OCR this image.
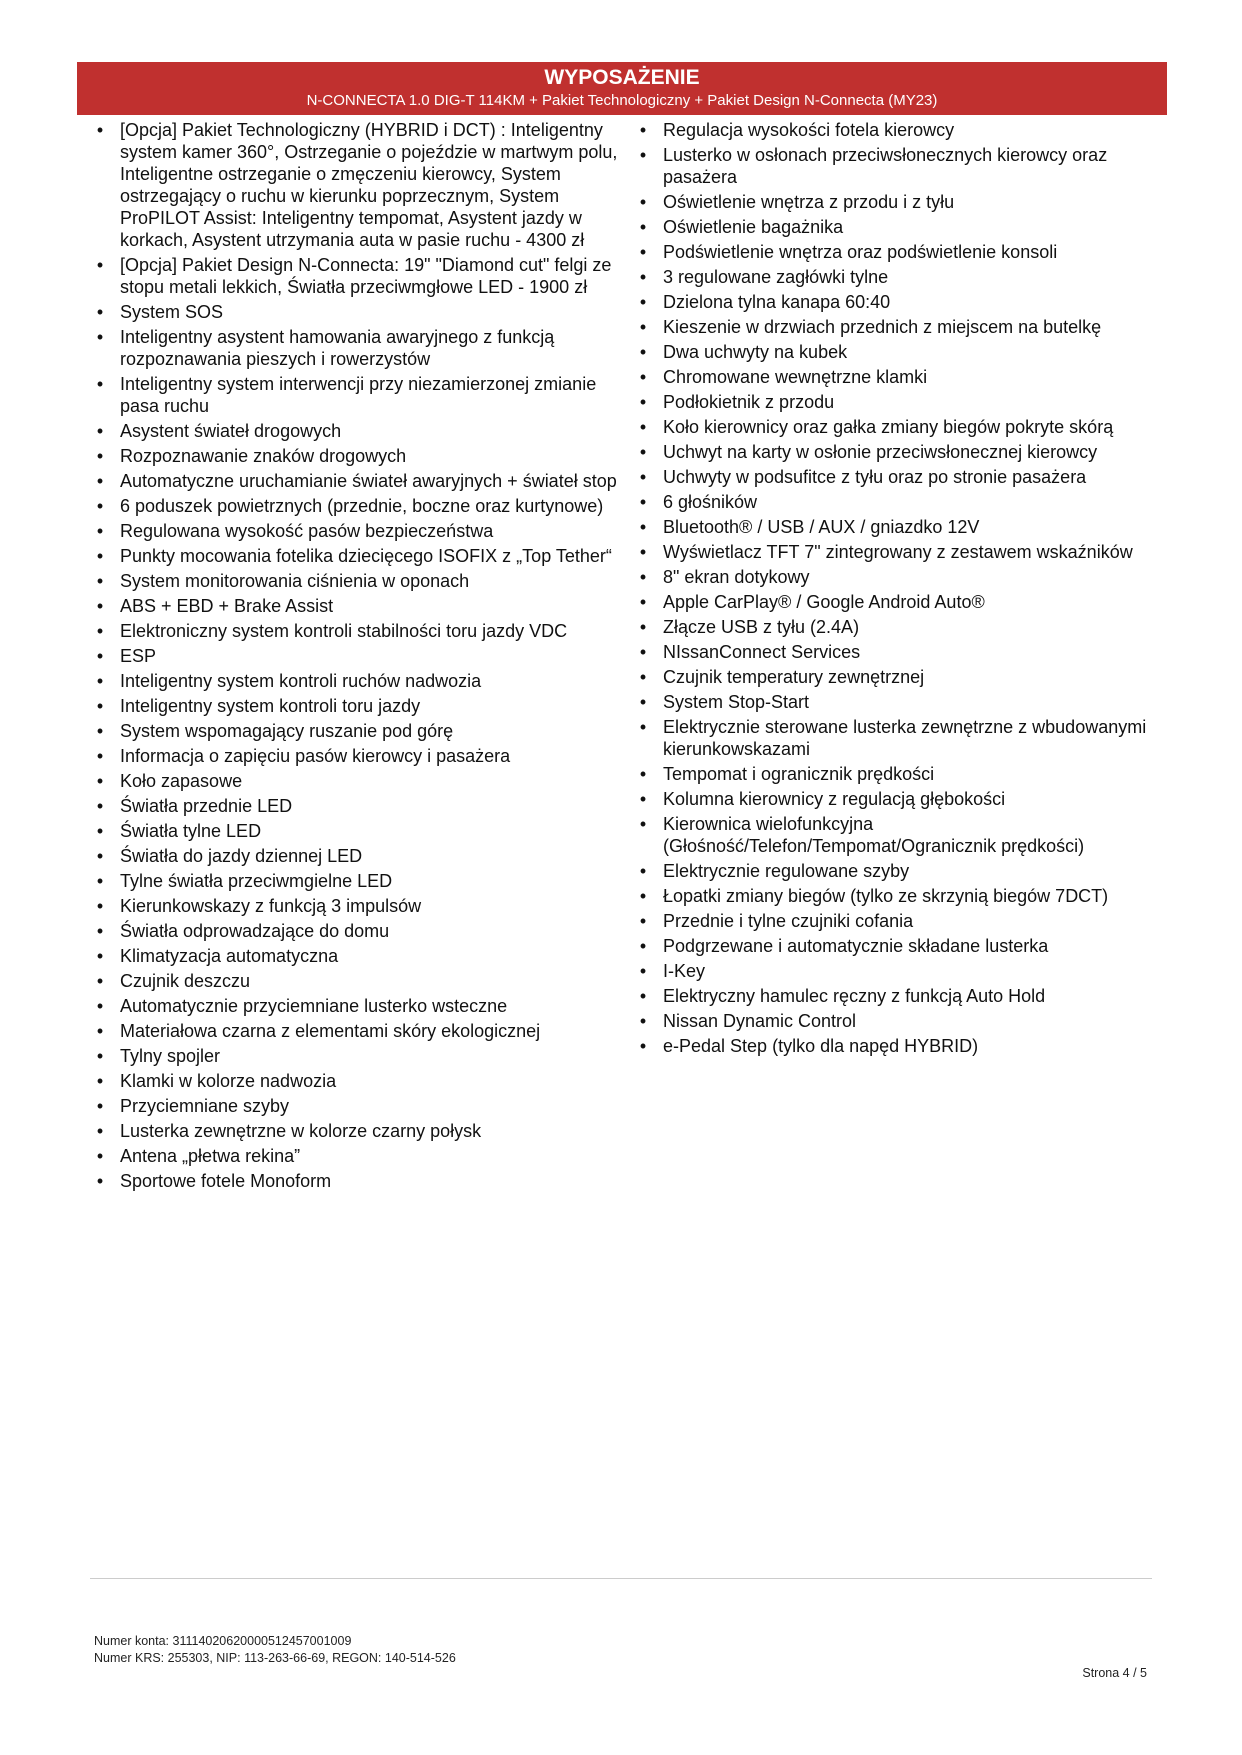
WYPOSAŻENIE
N-CONNECTA 1.0 DIG-T 114KM + Pakiet Technologiczny + Pakiet Design N-Connecta (MY23)
• [Opcja] Pakiet Technologiczny (HYBRID i DCT) : Inteligentny system kamer 360°, Ostrzeganie o pojeździe w martwym polu, Inteligentne ostrzeganie o zmęczeniu kierowcy, System ostrzegający o ruchu w kierunku poprzecznym, System ProPILOT Assist: Inteligentny tempomat, Asystent jazdy w korkach, Asystent utrzymania auta w pasie ruchu - 4300 zł
• [Opcja] Pakiet Design N-Connecta: 19" "Diamond cut" felgi ze stopu metali lekkich, Światła przeciwmgłowe LED - 1900 zł
• System SOS
• Inteligentny asystent hamowania awaryjnego z funkcją rozpoznawania pieszych i rowerzystów
• Inteligentny system interwencji przy niezamierzonej zmianie pasa ruchu
• Asystent świateł drogowych
• Rozpoznawanie znaków drogowych
• Automatyczne uruchamianie świateł awaryjnych + świateł stop
• 6 poduszek powietrznych (przednie, boczne oraz kurtynowe)
• Regulowana wysokość pasów bezpieczeństwa
• Punkty mocowania fotelika dziecięcego ISOFIX z „Top Tether“
• System monitorowania ciśnienia w oponach
• ABS + EBD + Brake Assist
• Elektroniczny system kontroli stabilności toru jazdy VDC
• ESP
• Inteligentny system kontroli ruchów nadwozia
• Inteligentny system kontroli toru jazdy
• System wspomagający ruszanie pod górę
• Informacja o zapięciu pasów kierowcy i pasażera
• Koło zapasowe
• Światła przednie LED
• Światła tylne LED
• Światła do jazdy dziennej LED
• Tylne światła przeciwmgielne LED
• Kierunkowskazy z funkcją 3 impulsów
• Światła odprowadzające do domu
• Klimatyzacja automatyczna
• Czujnik deszczu
• Automatycznie przyciemniane lusterko wsteczne
• Materiałowa czarna z elementami skóry ekologicznej
• Tylny spojler
• Klamki w kolorze nadwozia
• Przyciemniane szyby
• Lusterka zewnętrzne w kolorze czarny połysk
• Antena „płetwa rekina”
• Sportowe fotele Monoform
• Regulacja wysokości fotela kierowcy
• Lusterko w osłonach przeciwsłonecznych kierowcy oraz pasażera
• Oświetlenie wnętrza z przodu i z tyłu
• Oświetlenie bagażnika
• Podświetlenie wnętrza oraz podświetlenie konsoli
• 3 regulowane zagłówki tylne
• Dzielona tylna kanapa 60:40
• Kieszenie w drzwiach przednich z miejscem na butelkę
• Dwa uchwyty na kubek
• Chromowane wewnętrzne klamki
• Podłokietnik z przodu
• Koło kierownicy oraz gałka zmiany biegów pokryte skórą
• Uchwyt na karty w osłonie przeciwsłonecznej kierowcy
• Uchwyty w podsufitce z tyłu oraz po stronie pasażera
• 6 głośników
• Bluetooth® / USB / AUX / gniazdko 12V
• Wyświetlacz TFT 7" zintegrowany z zestawem wskaźników
• 8" ekran dotykowy
• Apple CarPlay® / Google Android Auto®
• Złącze USB z tyłu (2.4A)
• NIssanConnect Services
• Czujnik temperatury zewnętrznej
• System Stop-Start
• Elektrycznie sterowane lusterka zewnętrzne z wbudowanymi kierunkowskazami
• Tempomat i ogranicznik prędkości
• Kolumna kierownicy z regulacją głębokości
• Kierownica wielofunkcyjna (Głośność/Telefon/Tempomat/Ogranicznik prędkości)
• Elektrycznie regulowane szyby
• Łopatki zmiany biegów (tylko ze skrzynią biegów 7DCT)
• Przednie i tylne czujniki cofania
• Podgrzewane i automatycznie składane lusterka
• I-Key
• Elektryczny hamulec ręczny z funkcją Auto Hold
• Nissan Dynamic Control
• e-Pedal Step (tylko dla napęd HYBRID)
Numer konta: 31114020620000512457001009
Numer KRS: 255303, NIP: 113-263-66-69, REGON: 140-514-526
Strona 4 / 5
